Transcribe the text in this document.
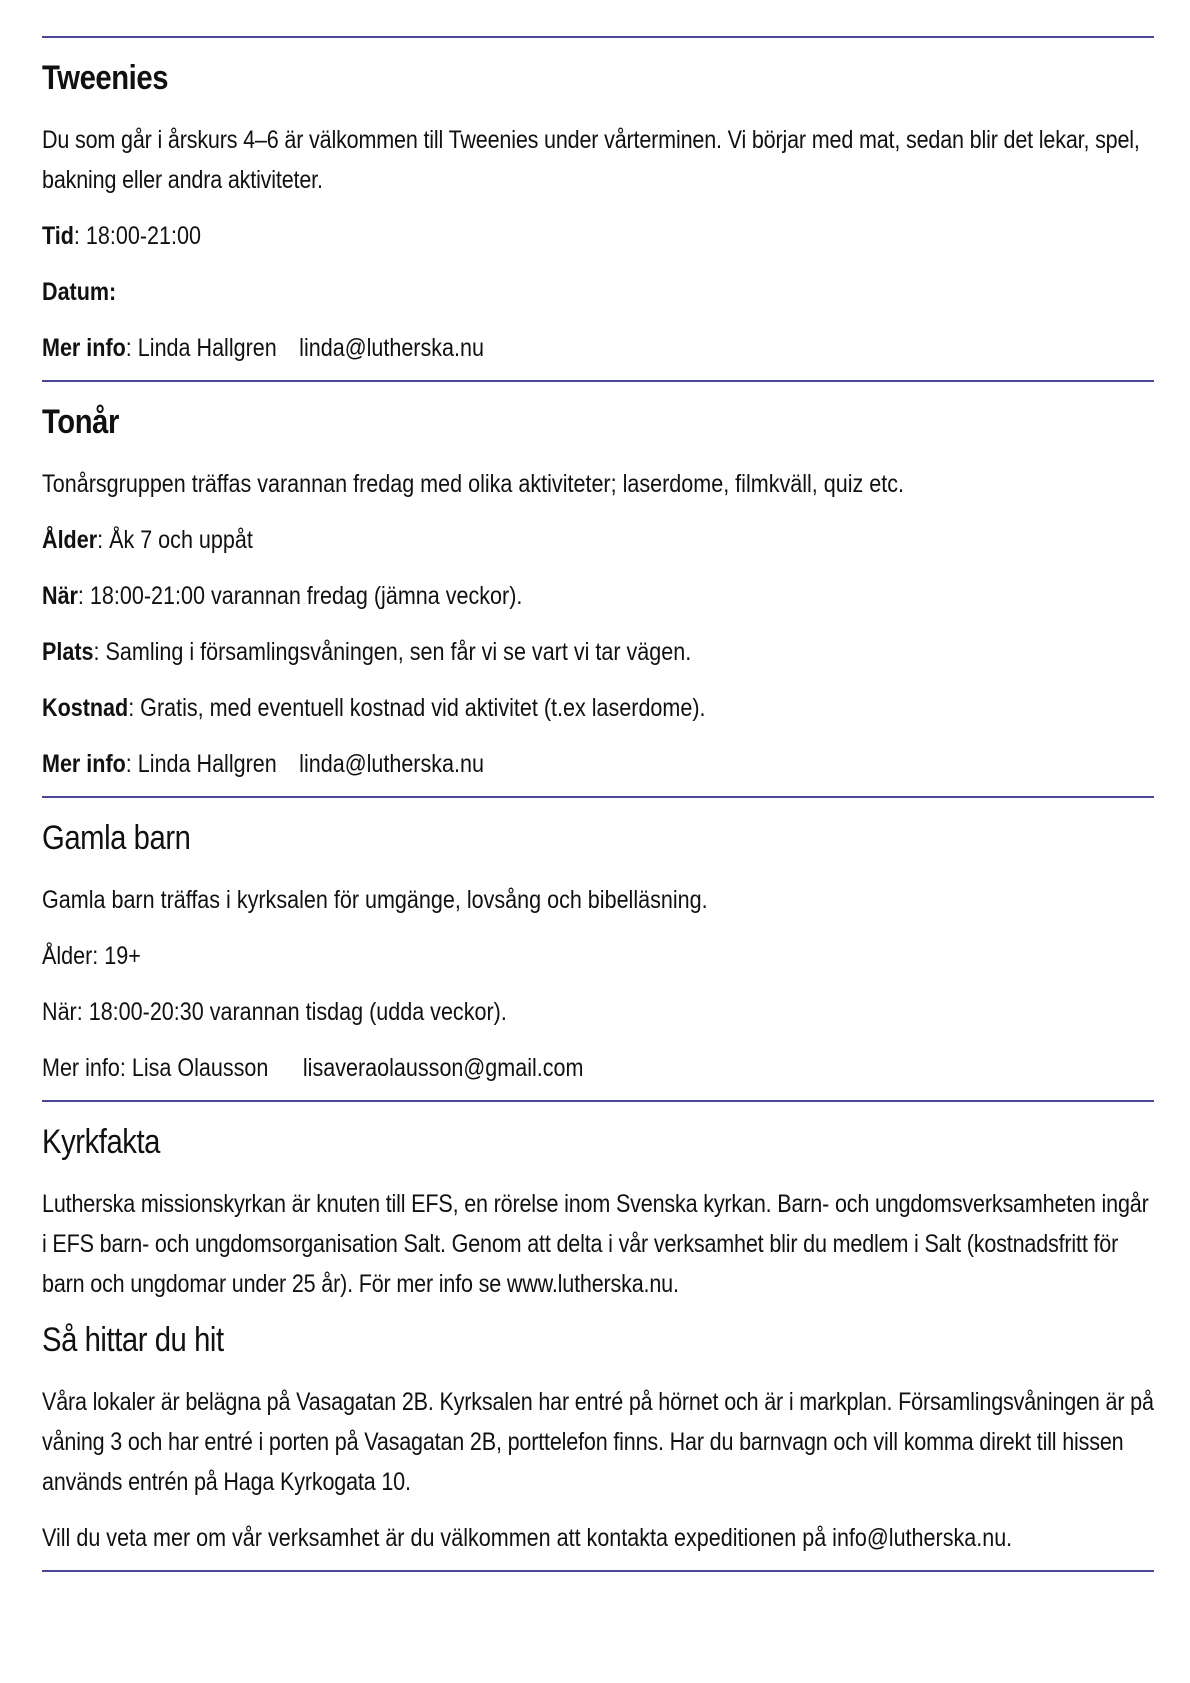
Tweenies
Du som går i årskurs 4–6 är välkommen till Tweenies under vårterminen. Vi börjar med mat, sedan blir det lekar, spel, bakning eller andra aktiviteter.
Tid: 18:00-21:00
Datum:
Mer info: Linda Hallgren linda@lutherska.nu
Tonår
Tonårsgruppen träffas varannan fredag med olika aktiviteter; laserdome, filmkväll, quiz etc.
Ålder: Åk 7 och uppåt
När: 18:00-21:00 varannan fredag (jämna veckor).
Plats: Samling i församlingsvåningen, sen får vi se vart vi tar vägen.
Kostnad: Gratis, med eventuell kostnad vid aktivitet (t.ex laserdome).
Mer info: Linda Hallgren linda@lutherska.nu
Gamla barn
Gamla barn träffas i kyrksalen för umgänge, lovsång och bibelläsning.
Ålder: 19+
När: 18:00-20:30 varannan tisdag (udda veckor).
Mer info: Lisa Olausson lisaveraolausson@gmail.com
Kyrkfakta
Lutherska missionskyrkan är knuten till EFS, en rörelse inom Svenska kyrkan. Barn- och ungdomsverksamheten ingår i EFS barn- och ungdomsorganisation Salt. Genom att delta i vår verksamhet blir du medlem i Salt (kostnadsfritt för barn och ungdomar under 25 år). För mer info se www.lutherska.nu.
Så hittar du hit
Våra lokaler är belägna på Vasagatan 2B. Kyrksalen har entré på hörnet och är i markplan. Församlingsvåningen är på våning 3 och har entré i porten på Vasagatan 2B, porttelefon finns. Har du barnvagn och vill komma direkt till hissen används entrén på Haga Kyrkogata 10.
Vill du veta mer om vår verksamhet är du välkommen att kontakta expeditionen på info@lutherska.nu.
